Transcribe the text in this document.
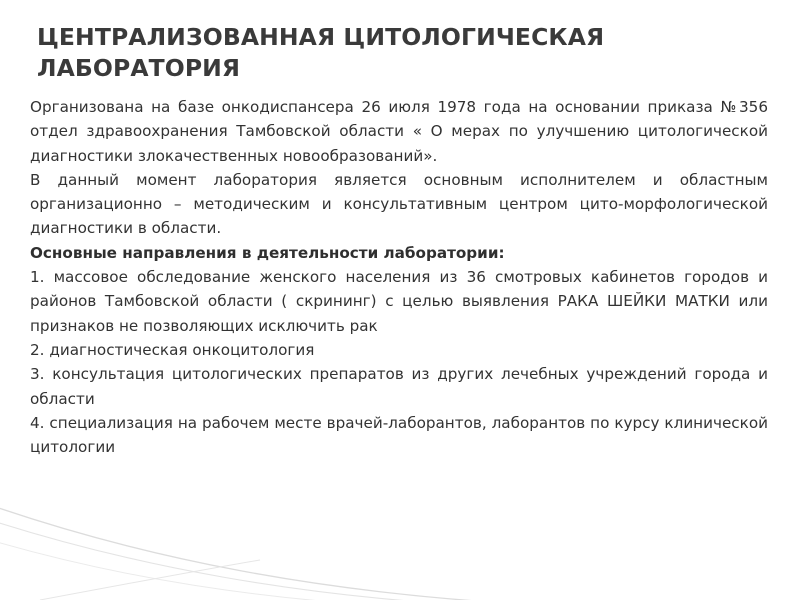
ЦЕНТРАЛИЗОВАННАЯ ЦИТОЛОГИЧЕСКАЯ ЛАБОРАТОРИЯ

Организована на базе онкодиспансера 26 июля 1978 года на основании приказа №356 отдел здравоохранения Тамбовской области « О мерах по улучшению цитологической диагностики злокачественных новообразований».

В данный момент лаборатория является основным исполнителем и областным организационно – методическим и консультативным центром цито-морфологической диагностики в области.

Основные направления в деятельности лаборатории:

1. массовое обследование женского населения из 36 смотровых кабинетов городов и районов Тамбовской области ( скрининг) с целью выявления РАКА ШЕЙКИ МАТКИ или признаков не позволяющих исключить рак

2. диагностическая онкоцитология

3. консультация цитологических препаратов из других лечебных учреждений города и области

4. специализация на рабочем месте врачей-лаборантов, лаборантов по курсу клинической цитологии
